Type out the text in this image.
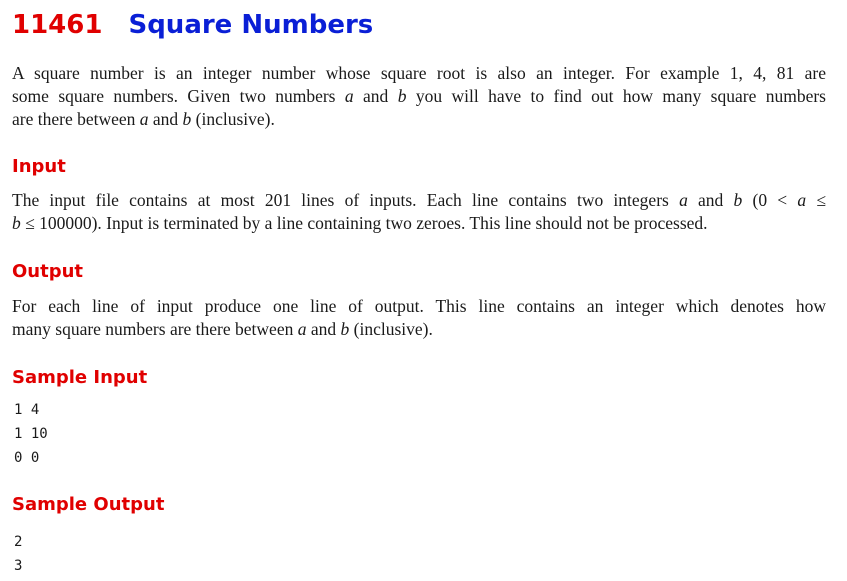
11461 Square Numbers
A square number is an integer number whose square root is also an integer. For example 1, 4, 81 are
some square numbers. Given two numbers a and b you will have to find out how many square numbers
are there between a and b (inclusive).
Input
The input file contains at most 201 lines of inputs. Each line contains two integers a and b (0 < a ≤
b ≤ 100000). Input is terminated by a line containing two zeroes. This line should not be processed.
Output
For each line of input produce one line of output. This line contains an integer which denotes how
many square numbers are there between a and b (inclusive).
Sample Input
1 4
1 10
0 0
Sample Output
2
3
